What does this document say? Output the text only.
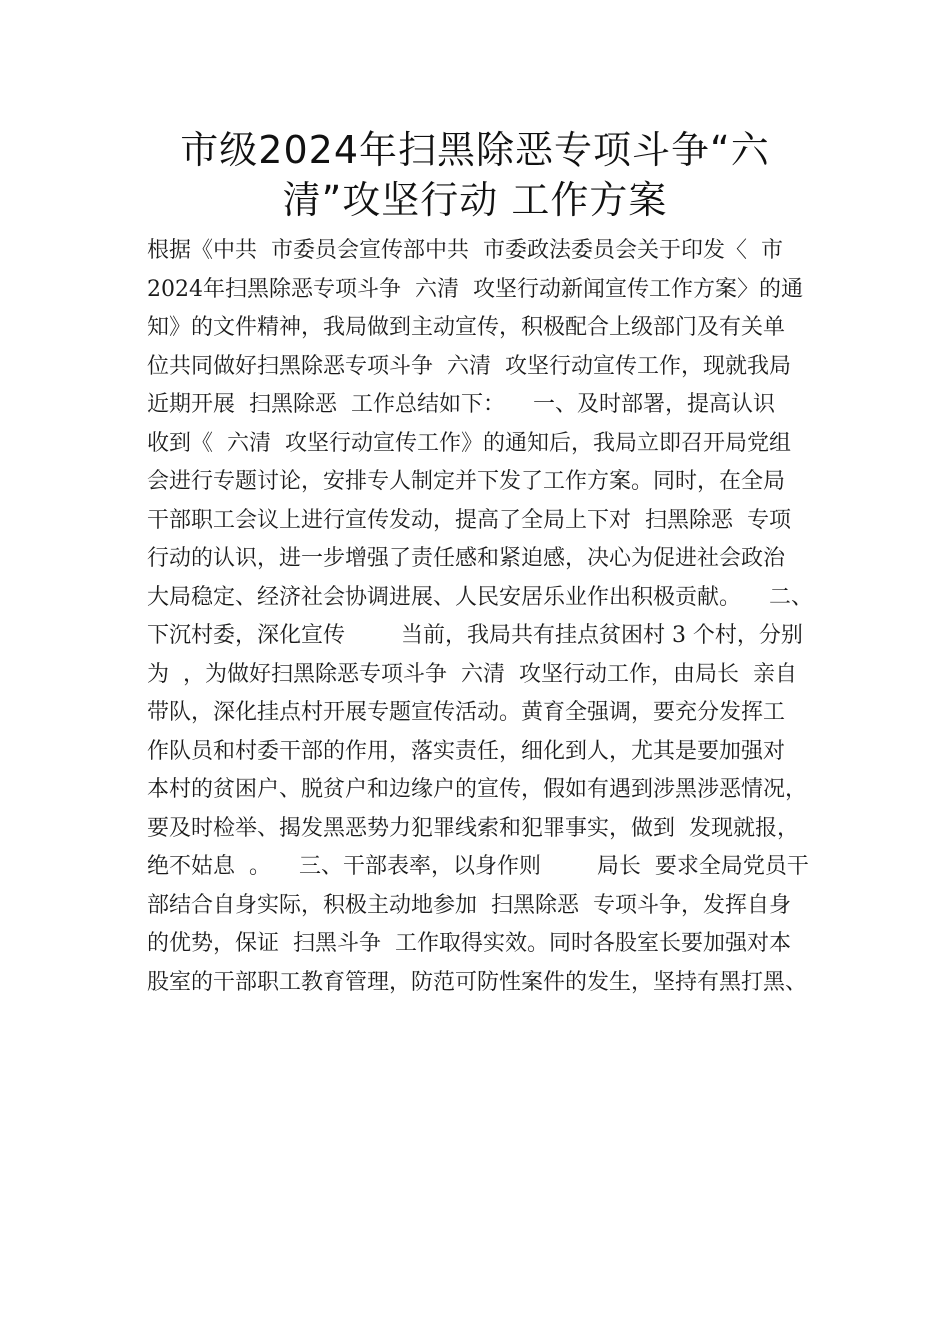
市级2024年扫黑除恶专项斗争“六
清”攻坚行动 工作方案
根据《中共  市委员会宣传部中共  市委政法委员会关于印发〈  市
2024年扫黑除恶专项斗争  六清  攻坚行动新闻宣传工作方案〉的通
知》的文件精神，我局做到主动宣传，积极配合上级部门及有关单
位共同做好扫黑除恶专项斗争  六清  攻坚行动宣传工作，现就我局
近期开展  扫黑除恶  工作总结如下：    一、及时部署，提高认识
收到《  六清  攻坚行动宣传工作》的通知后，我局立即召开局党组
会进行专题讨论，安排专人制定并下发了工作方案。同时，在全局
干部职工会议上进行宣传发动，提高了全局上下对  扫黑除恶  专项
行动的认识，进一步增强了责任感和紧迫感，决心为促进社会政治
大局稳定、经济社会协调进展、人民安居乐业作出积极贡献。    二、
下沉村委，深化宣传        当前，我局共有挂点贫困村 3 个村，分别
为  ，为做好扫黑除恶专项斗争  六清  攻坚行动工作，由局长  亲自
带队，深化挂点村开展专题宣传活动。黄育全强调，要充分发挥工
作队员和村委干部的作用，落实责任，细化到人，尤其是要加强对
本村的贫困户、脱贫户和边缘户的宣传，假如有遇到涉黑涉恶情况，
要及时检举、揭发黑恶势力犯罪线索和犯罪事实，做到  发现就报，
绝不姑息  。    三、干部表率，以身作则        局长  要求全局党员干
部结合自身实际，积极主动地参加  扫黑除恶  专项斗争，发挥自身
的优势，保证  扫黑斗争  工作取得实效。同时各股室长要加强对本
股室的干部职工教育管理，防范可防性案件的发生，坚持有黑打黑、
